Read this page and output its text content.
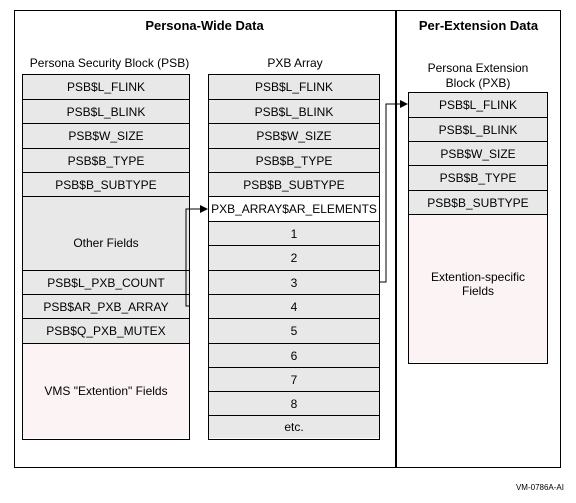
Persona-Wide Data	Per-Extension Data
Persona Security Block (PSB)
PSB$L_FLINK
PSB$L_BLINK
PSB$W_SIZE
PSB$B_TYPE
PSB$B_SUBTYPE
Other Fields
PSB$L_PXB_COUNT
PSB$AR_PXB_ARRAY
PSB$Q_PXB_MUTEX
VMS "Extention" Fields
PXB Array
PSB$L_FLINK
PSB$L_BLINK
PSB$W_SIZE
PSB$B_TYPE
PSB$B_SUBTYPE
PXB_ARRAY$AR_ELEMENTS
1
2
3
4
5
6
7
8
etc.
Persona Extension
Block (PXB)
PSB$L_FLINK
PSB$L_BLINK
PSB$W_SIZE
PSB$B_TYPE
PSB$B_SUBTYPE
Extention-specific Fields
VM-0786A-AI
